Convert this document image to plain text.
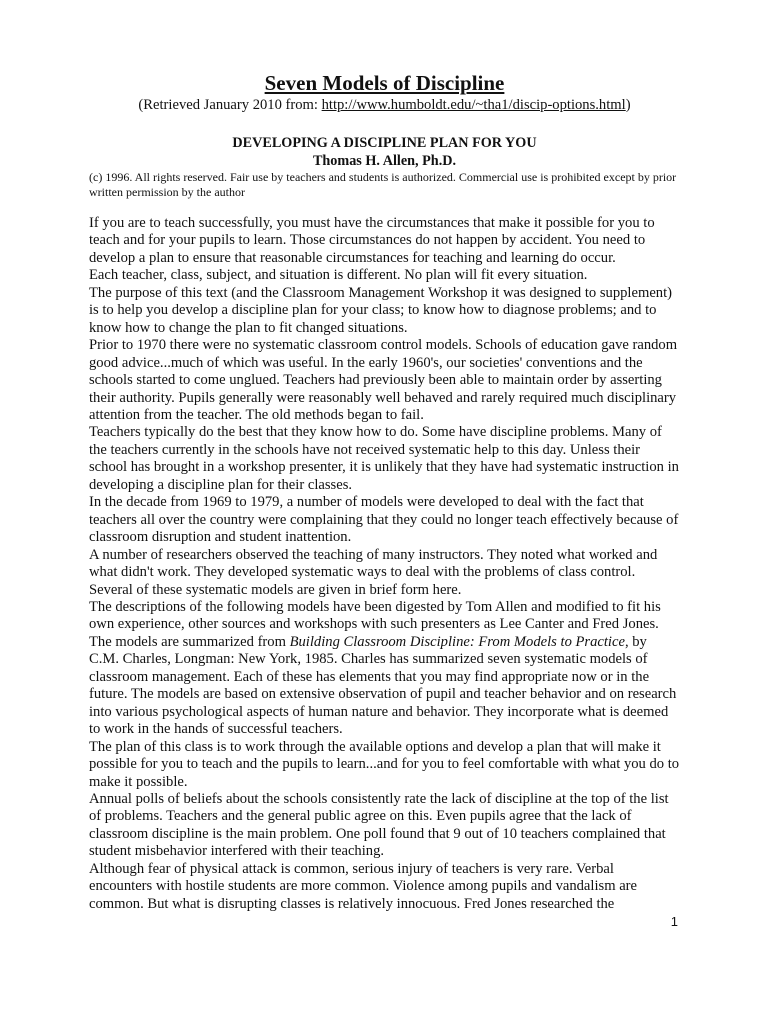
Seven Models of Discipline

(Retrieved January 2010 from: http://www.humboldt.edu/~tha1/discip-options.html)

DEVELOPING A DISCIPLINE PLAN FOR YOU

Thomas H. Allen, Ph.D.

(c) 1996. All rights reserved. Fair use by teachers and students is authorized. Commercial use is prohibited except by prior written permission by the author

If you are to teach successfully, you must have the circumstances that make it possible for you to teach and for your pupils to learn. Those circumstances do not happen by accident. You need to develop a plan to ensure that reasonable circumstances for teaching and learning do occur.

Each teacher, class, subject, and situation is different. No plan will fit every situation.

The purpose of this text (and the Classroom Management Workshop it was designed to supplement) is to help you develop a discipline plan for your class; to know how to diagnose problems; and to know how to change the plan to fit changed situations.

Prior to 1970 there were no systematic classroom control models. Schools of education gave random good advice...much of which was useful. In the early 1960's, our societies' conventions and the schools started to come unglued. Teachers had previously been able to maintain order by asserting their authority. Pupils generally were reasonably well behaved and rarely required much disciplinary attention from the teacher. The old methods began to fail.

Teachers typically do the best that they know how to do. Some have discipline problems. Many of the teachers currently in the schools have not received systematic help to this day. Unless their school has brought in a workshop presenter, it is unlikely that they have had systematic instruction in developing a discipline plan for their classes.

In the decade from 1969 to 1979, a number of models were developed to deal with the fact that teachers all over the country were complaining that they could no longer teach effectively because of classroom disruption and student inattention.

A number of researchers observed the teaching of many instructors. They noted what worked and what didn't work. They developed systematic ways to deal with the problems of class control. Several of these systematic models are given in brief form here.

The descriptions of the following models have been digested by Tom Allen and modified to fit his own experience, other sources and workshops with such presenters as Lee Canter and Fred Jones. The models are summarized from Building Classroom Discipline: From Models to Practice, by C.M. Charles, Longman: New York, 1985. Charles has summarized seven systematic models of classroom management. Each of these has elements that you may find appropriate now or in the future. The models are based on extensive observation of pupil and teacher behavior and on research into various psychological aspects of human nature and behavior. They incorporate what is deemed to work in the hands of successful teachers.

The plan of this class is to work through the available options and develop a plan that will make it possible for you to teach and the pupils to learn...and for you to feel comfortable with what you do to make it possible.

Annual polls of beliefs about the schools consistently rate the lack of discipline at the top of the list of problems. Teachers and the general public agree on this. Even pupils agree that the lack of classroom discipline is the main problem. One poll found that 9 out of 10 teachers complained that student misbehavior interfered with their teaching.

Although fear of physical attack is common, serious injury of teachers is very rare. Verbal encounters with hostile students are more common. Violence among pupils and vandalism are common. But what is disrupting classes is relatively innocuous. Fred Jones researched the

1
